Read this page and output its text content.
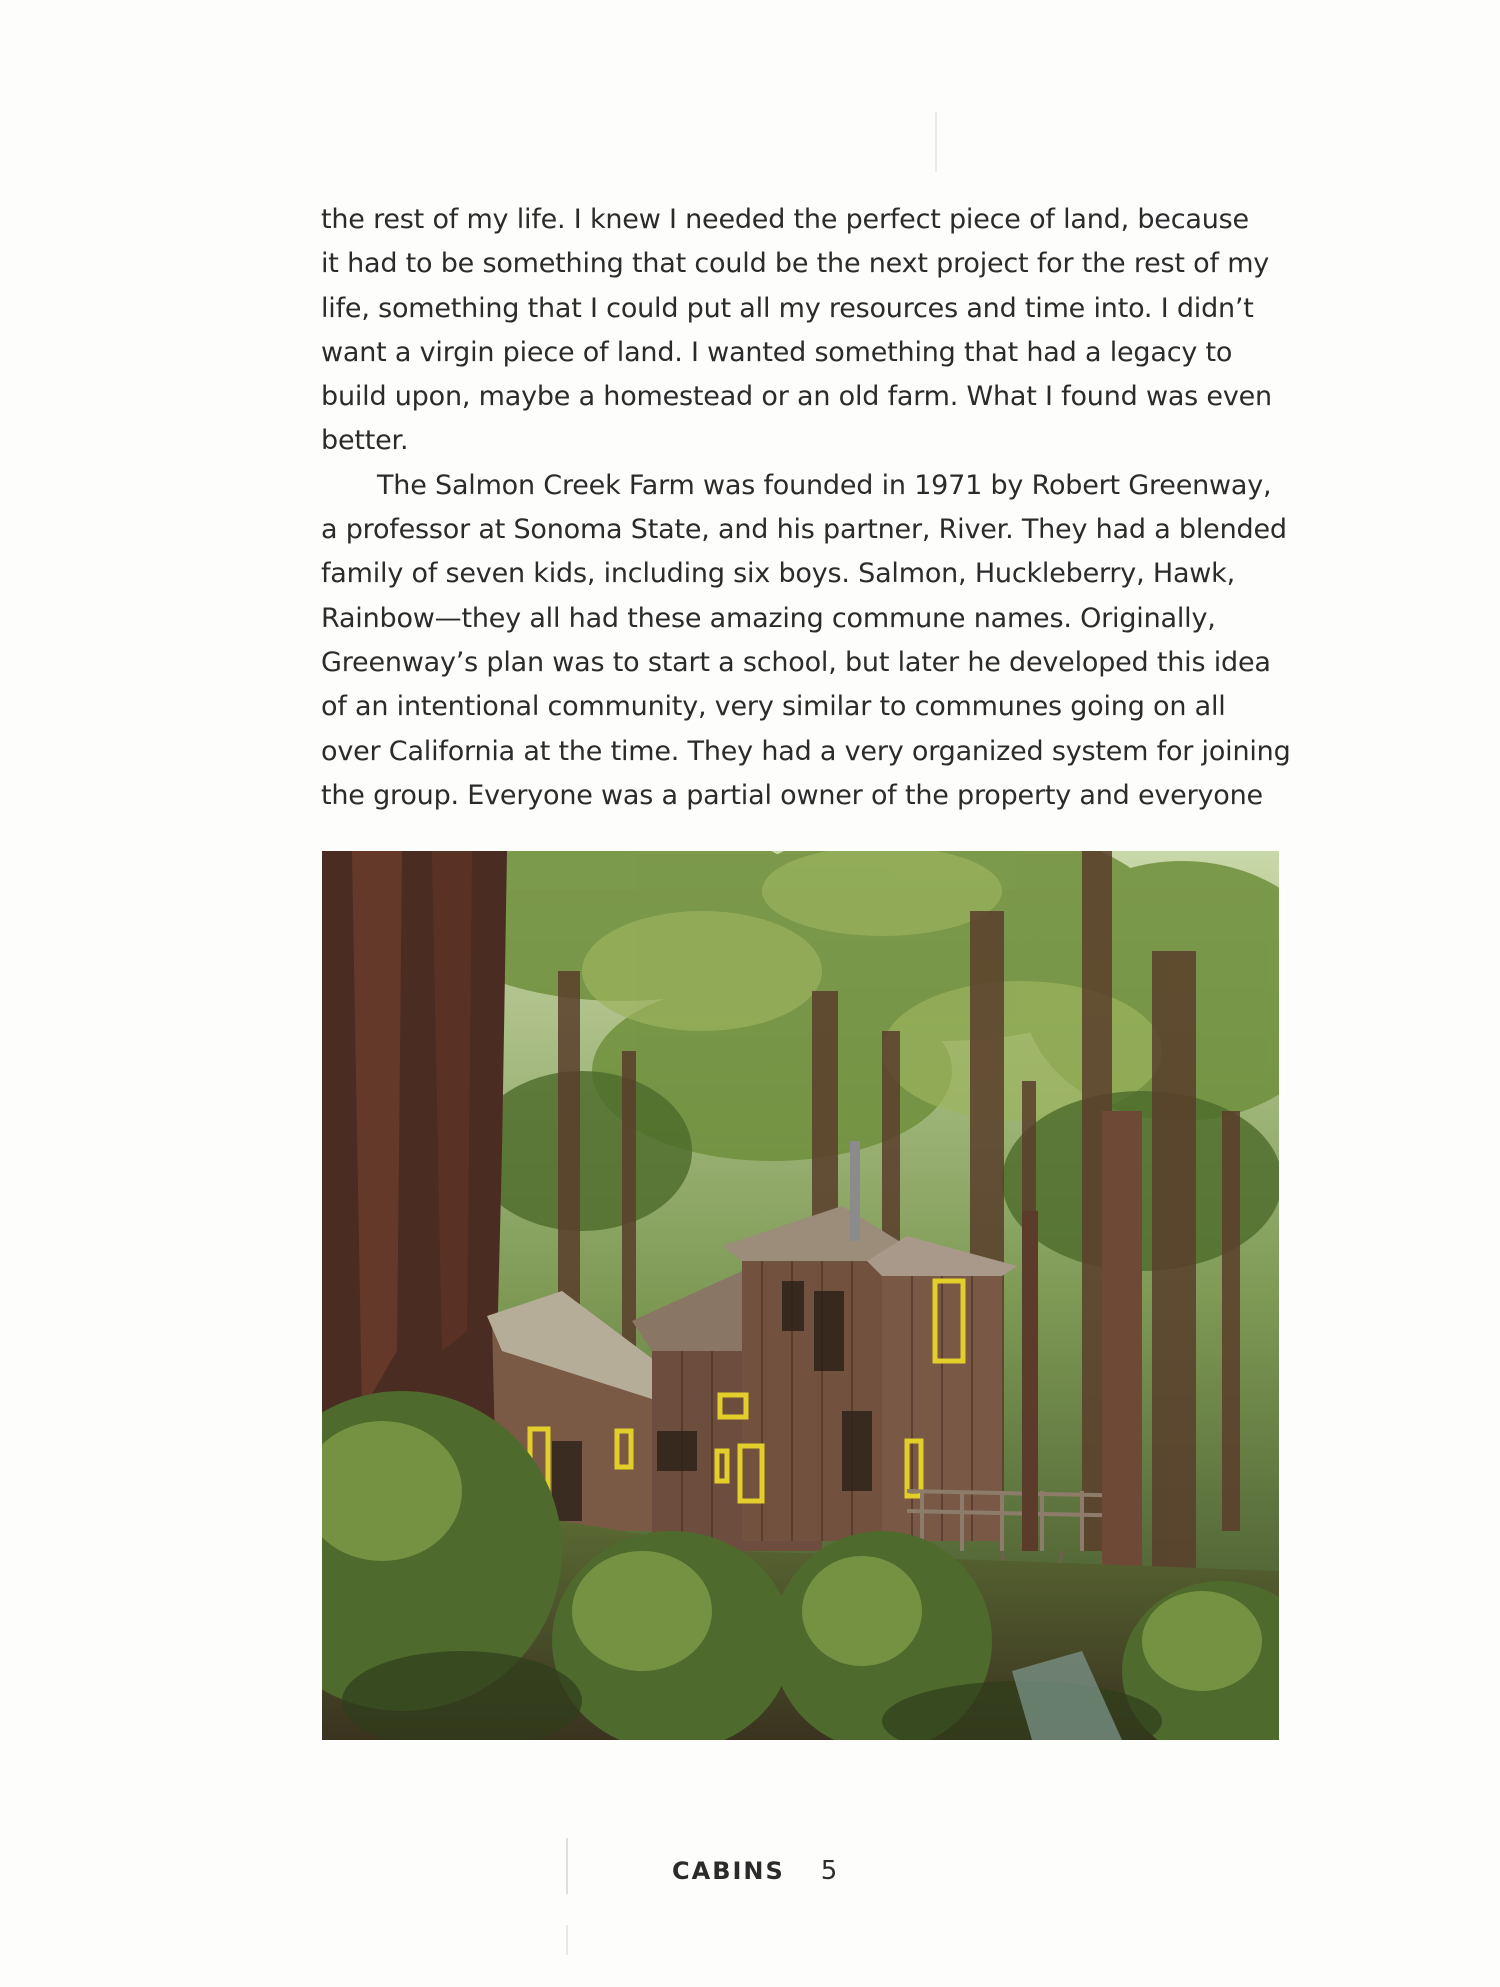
the rest of my life. I knew I needed the perfect piece of land, because
it had to be something that could be the next project for the rest of my
life, something that I could put all my resources and time into. I didn’t
want a virgin piece of land. I wanted something that had a legacy to
build upon, maybe a homestead or an old farm. What I found was even
better.

The Salmon Creek Farm was founded in 1971 by Robert Greenway,
a professor at Sonoma State, and his partner, River. They had a blended
family of seven kids, including six boys. Salmon, Huckleberry, Hawk,
Rainbow—they all had these amazing commune names. Originally,
Greenway’s plan was to start a school, but later he developed this idea
of an intentional community, very similar to communes going on all
over California at the time. They had a very organized system for joining
the group. Everyone was a partial owner of the property and everyone

CABINS 5
